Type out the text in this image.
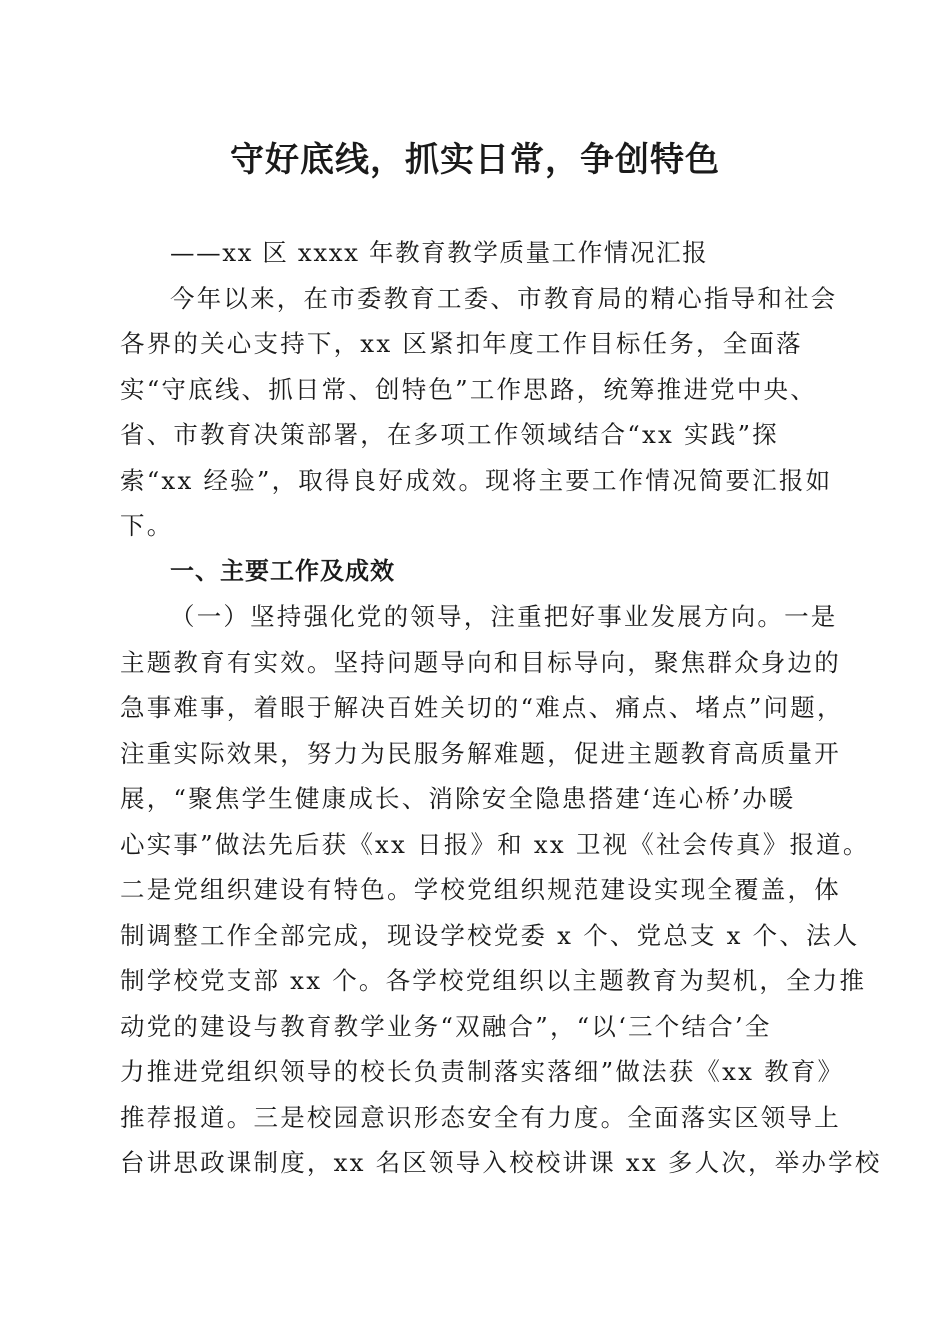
守好底线，抓实日常，争创特色
——xx 区 xxxx 年教育教学质量工作情况汇报
今年以来，在市委教育工委、市教育局的精心指导和社会
各界的关心支持下，xx 区紧扣年度工作目标任务，全面落
实“守底线、抓日常、创特色”工作思路，统筹推进党中央、
省、市教育决策部署，在多项工作领域结合“xx 实践”探
索“xx 经验”，取得良好成效。现将主要工作情况简要汇报如
下。
一、主要工作及成效
（一）坚持强化党的领导，注重把好事业发展方向。一是
主题教育有实效。坚持问题导向和目标导向，聚焦群众身边的
急事难事，着眼于解决百姓关切的“难点、痛点、堵点”问题，
注重实际效果，努力为民服务解难题，促进主题教育高质量开
展，“聚焦学生健康成长、消除安全隐患搭建‘连心桥’办暖
心实事”做法先后获《xx 日报》和 xx 卫视《社会传真》报道。
二是党组织建设有特色。学校党组织规范建设实现全覆盖，体
制调整工作全部完成，现设学校党委 x 个、党总支 x 个、法人
制学校党支部 xx 个。各学校党组织以主题教育为契机，全力推
动党的建设与教育教学业务“双融合”，“以‘三个结合’全
力推进党组织领导的校长负责制落实落细”做法获《xx 教育》
推荐报道。三是校园意识形态安全有力度。全面落实区领导上
台讲思政课制度，xx 名区领导入校校讲课 xx 多人次，举办学校
